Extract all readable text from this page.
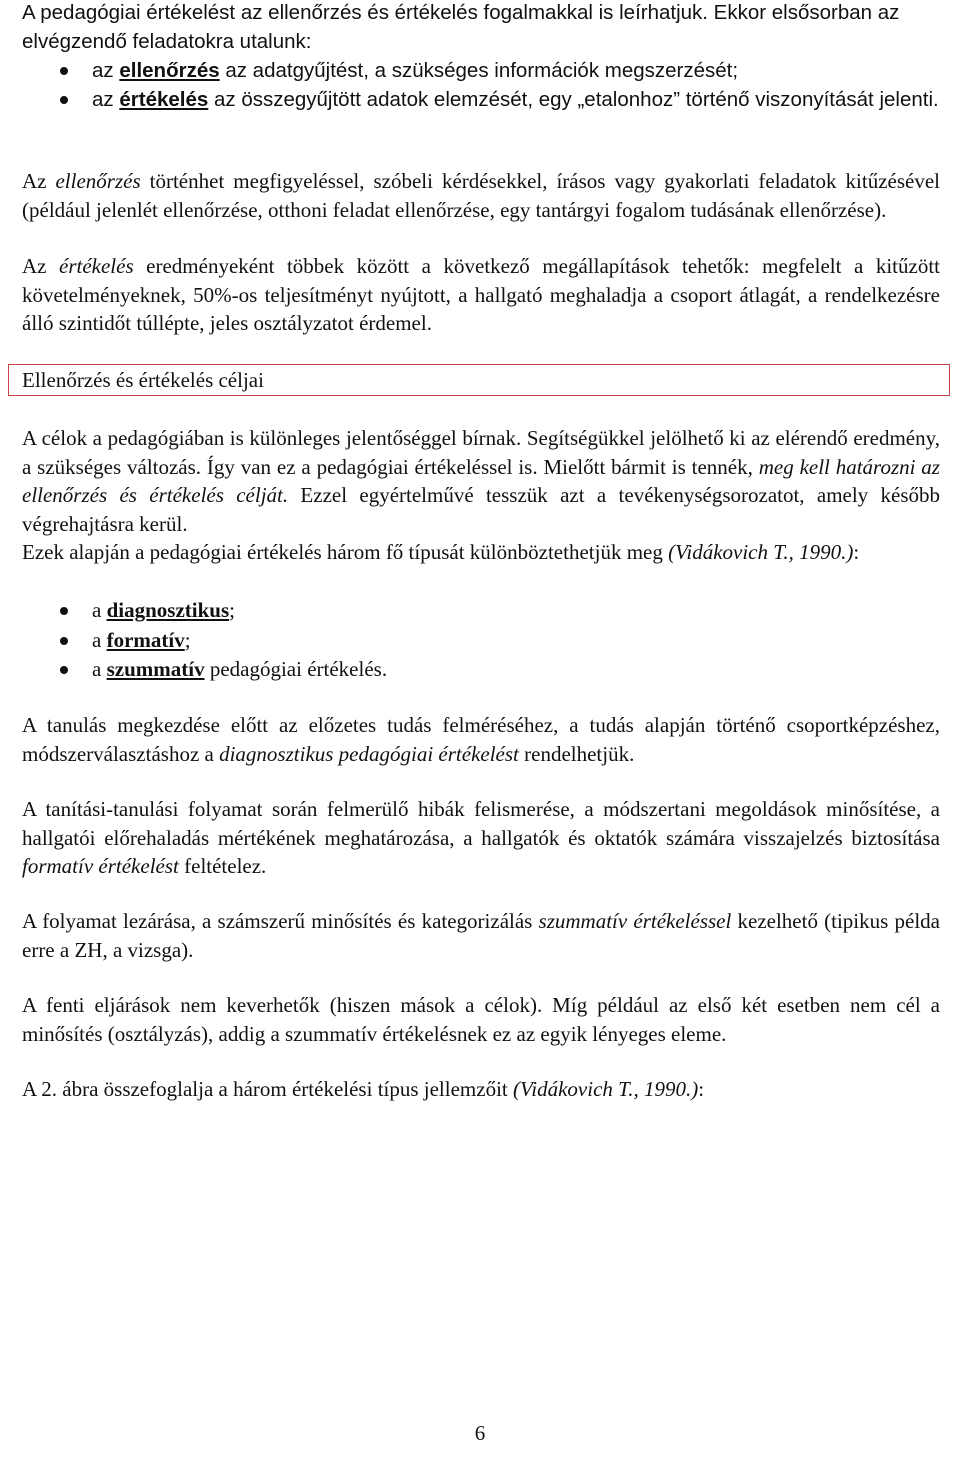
A pedagógiai értékelést az ellenőrzés és értékelés fogalmakkal is leírhatjuk. Ekkor elsősorban az elvégzendő feladatokra utalunk:
az ellenőrzés az adatgyűjtést, a szükséges információk megszerzését;
az értékelés az összegyűjtött adatok elemzését, egy „etalonhoz” történő viszonyítását jelenti.
Az ellenőrzés történhet megfigyeléssel, szóbeli kérdésekkel, írásos vagy gyakorlati feladatok kitűzésével (például jelenlét ellenőrzése, otthoni feladat ellenőrzése, egy tantárgyi fogalom tudásának ellenőrzése).
Az értékelés eredményeként többek között a következő megállapítások tehetők: megfelelt a kitűzött követelményeknek, 50%-os teljesítményt nyújtott, a hallgató meghaladja a csoport átlagát, a rendelkezésre álló szintidőt túllépte, jeles osztályzatot érdemel.
Ellenőrzés és értékelés céljai
A célok a pedagógiában is különleges jelentőséggel bírnak. Segítségükkel jelölhető ki az elérendő eredmény, a szükséges változás. Így van ez a pedagógiai értékeléssel is. Mielőtt bármit is tennék, meg kell határozni az ellenőrzés és értékelés célját. Ezzel egyértelművé tesszük azt a tevékenységsorozatot, amely később végrehajtásra kerül.
Ezek alapján a pedagógiai értékelés három fő típusát különböztethetjük meg (Vidákovich T., 1990.):
a diagnosztikus;
a formatív;
a szummatív pedagógiai értékelés.
A tanulás megkezdése előtt az előzetes tudás felméréséhez, a tudás alapján történő csoportképzéshez, módszerválasztáshoz a diagnosztikus pedagógiai értékelést rendelhetjük.
A tanítási-tanulási folyamat során felmerülő hibák felismerése, a módszertani megoldások minősítése, a hallgatói előrehaladás mértékének meghatározása, a hallgatók és oktatók számára visszajelzés biztosítása formatív értékelést feltételez.
A folyamat lezárása, a számszerű minősítés és kategorizálás szummatív értékeléssel kezelhető (tipikus példa erre a ZH, a vizsga).
A fenti eljárások nem keverhetők (hiszen mások a célok). Míg például az első két esetben nem cél a minősítés (osztályzás), addig a szummatív értékelésnek ez az egyik lényeges eleme.
A 2. ábra összefoglalja a három értékelési típus jellemzőit (Vidákovich T., 1990.):
6
